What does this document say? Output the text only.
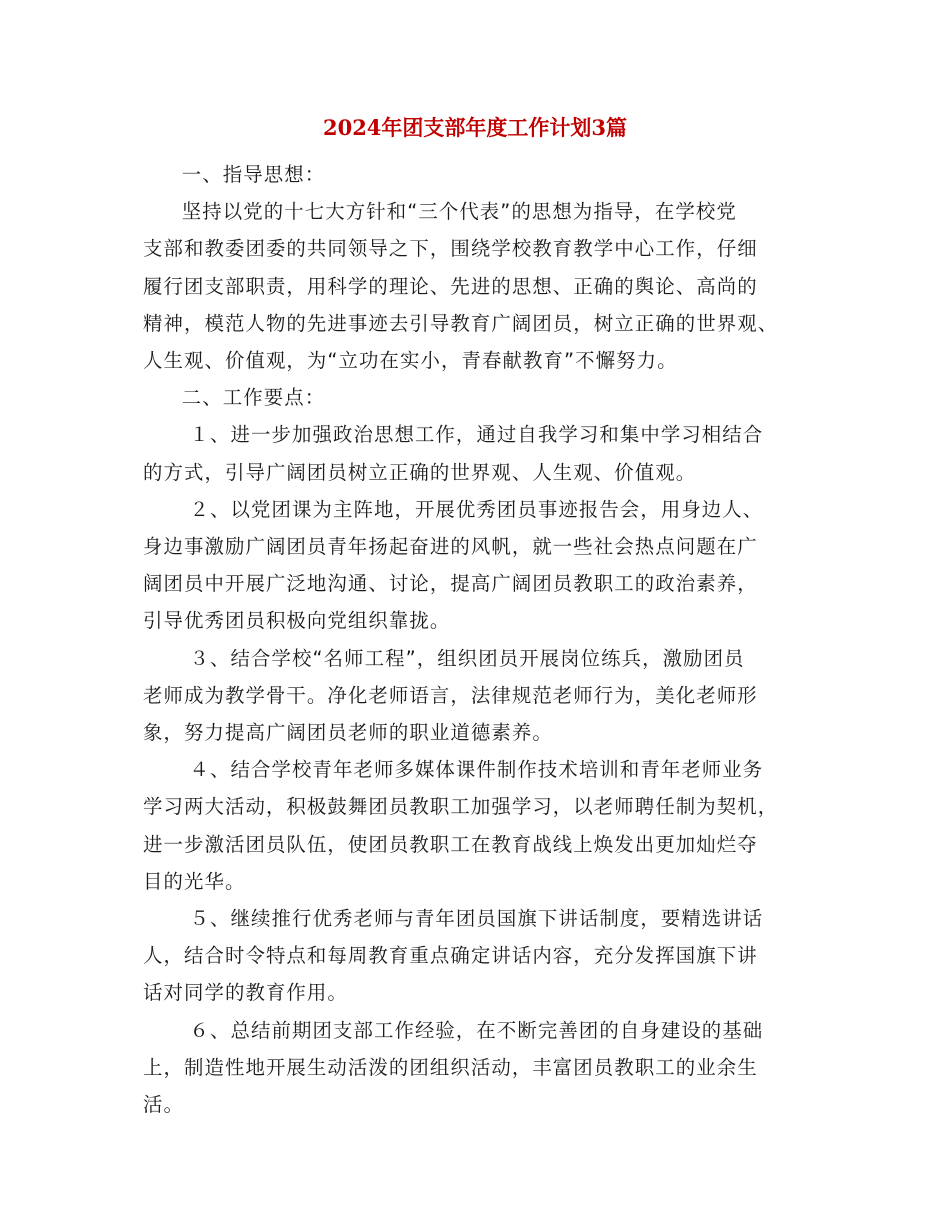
2024年团支部年度工作计划3篇
一、指导思想：
坚持以党的十七大方针和“三个代表”的思想为指导，在学校党
支部和教委团委的共同领导之下，围绕学校教育教学中心工作，仔细
履行团支部职责，用科学的理论、先进的思想、正确的舆论、高尚的
精神，模范人物的先进事迹去引导教育广阔团员，树立正确的世界观、
人生观、价值观，为“立功在实小，青春献教育”不懈努力。
二、工作要点：
１、进一步加强政治思想工作，通过自我学习和集中学习相结合
的方式，引导广阔团员树立正确的世界观、人生观、价值观。
２、以党团课为主阵地，开展优秀团员事迹报告会，用身边人、
身边事激励广阔团员青年扬起奋进的风帆，就一些社会热点问题在广
阔团员中开展广泛地沟通、讨论，提高广阔团员教职工的政治素养，
引导优秀团员积极向党组织靠拢。
３、结合学校“名师工程”，组织团员开展岗位练兵，激励团员
老师成为教学骨干。净化老师语言，法律规范老师行为，美化老师形
象，努力提高广阔团员老师的职业道德素养。
４、结合学校青年老师多媒体课件制作技术培训和青年老师业务
学习两大活动，积极鼓舞团员教职工加强学习，以老师聘任制为契机，
进一步激活团员队伍，使团员教职工在教育战线上焕发出更加灿烂夺
目的光华。
５、继续推行优秀老师与青年团员国旗下讲话制度，要精选讲话
人，结合时令特点和每周教育重点确定讲话内容，充分发挥国旗下讲
话对同学的教育作用。
６、总结前期团支部工作经验，在不断完善团的自身建设的基础
上，制造性地开展生动活泼的团组织活动，丰富团员教职工的业余生
活。
